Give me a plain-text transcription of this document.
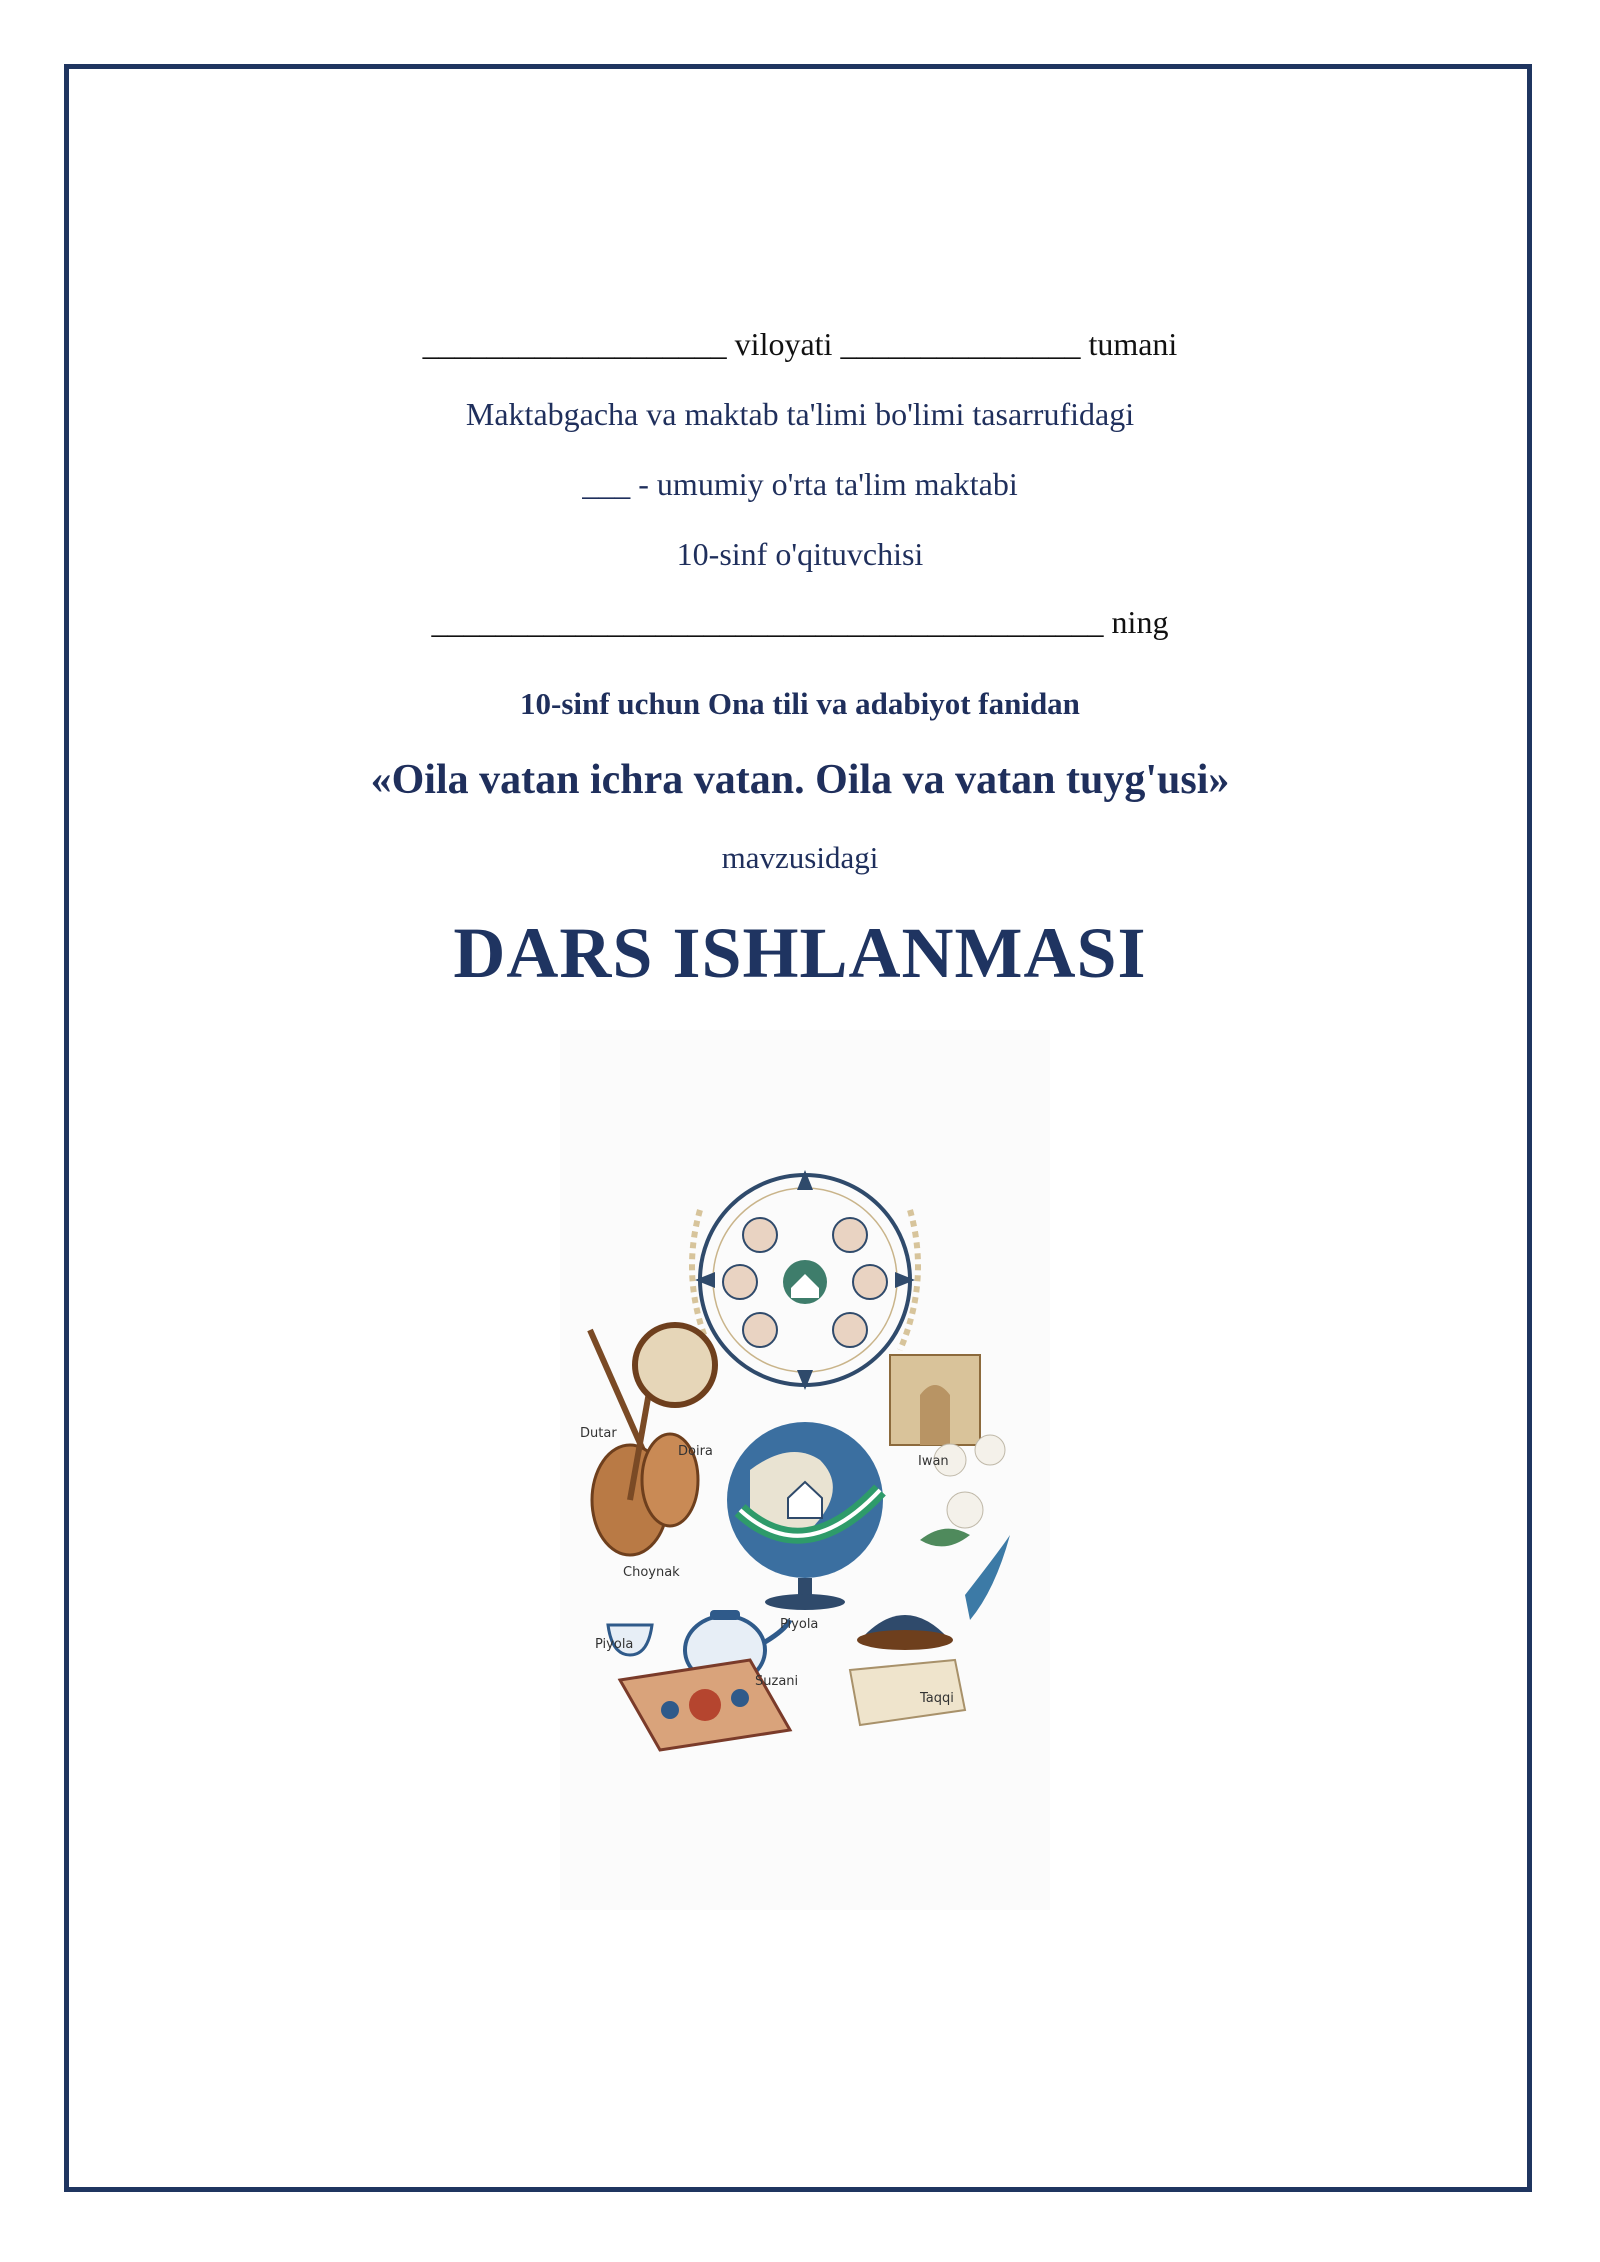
___________________ viloyati _______________ tumani
Maktabgacha va maktab ta'limi bo'limi tasarrufidagi
___ - umumiy o'rta ta'lim maktabi
10-sinf o'qituvchisi
__________________________________________ ning
10-sinf uchun Ona tili va adabiyot fanidan
«Oila vatan ichra vatan. Oila va vatan tuyg'usi»
mavzusidagi
DARS ISHLANMASI
Dutar
Doira
Iwan
Choynak
Piyola
Piyola
Suzani
Taqqi
